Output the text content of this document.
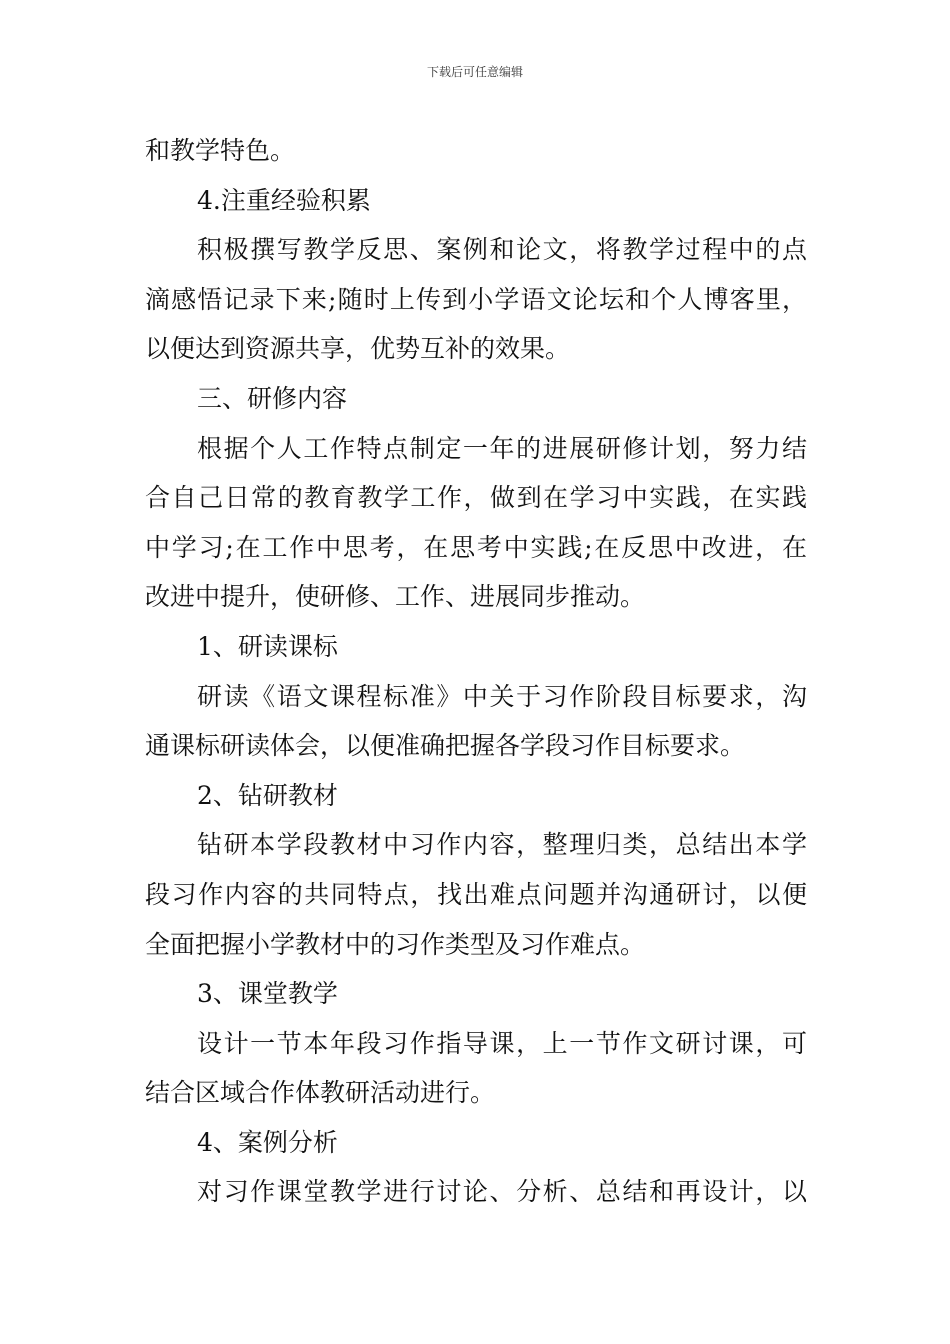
下载后可任意编辑
和教学特色。
4.注重经验积累
积极撰写教学反思、案例和论文，将教学过程中的点
滴感悟记录下来;随时上传到小学语文论坛和个人博客里，
以便达到资源共享，优势互补的效果。
三、研修内容
根据个人工作特点制定一年的进展研修计划，努力结
合自己日常的教育教学工作，做到在学习中实践，在实践
中学习;在工作中思考，在思考中实践;在反思中改进，在
改进中提升，使研修、工作、进展同步推动。
1、研读课标
研读《语文课程标准》中关于习作阶段目标要求，沟
通课标研读体会，以便准确把握各学段习作目标要求。
2、钻研教材
钻研本学段教材中习作内容，整理归类，总结出本学
段习作内容的共同特点，找出难点问题并沟通研讨，以便
全面把握小学教材中的习作类型及习作难点。
3、课堂教学
设计一节本年段习作指导课，上一节作文研讨课，可
结合区域合作体教研活动进行。
4、案例分析
对习作课堂教学进行讨论、分析、总结和再设计，以
